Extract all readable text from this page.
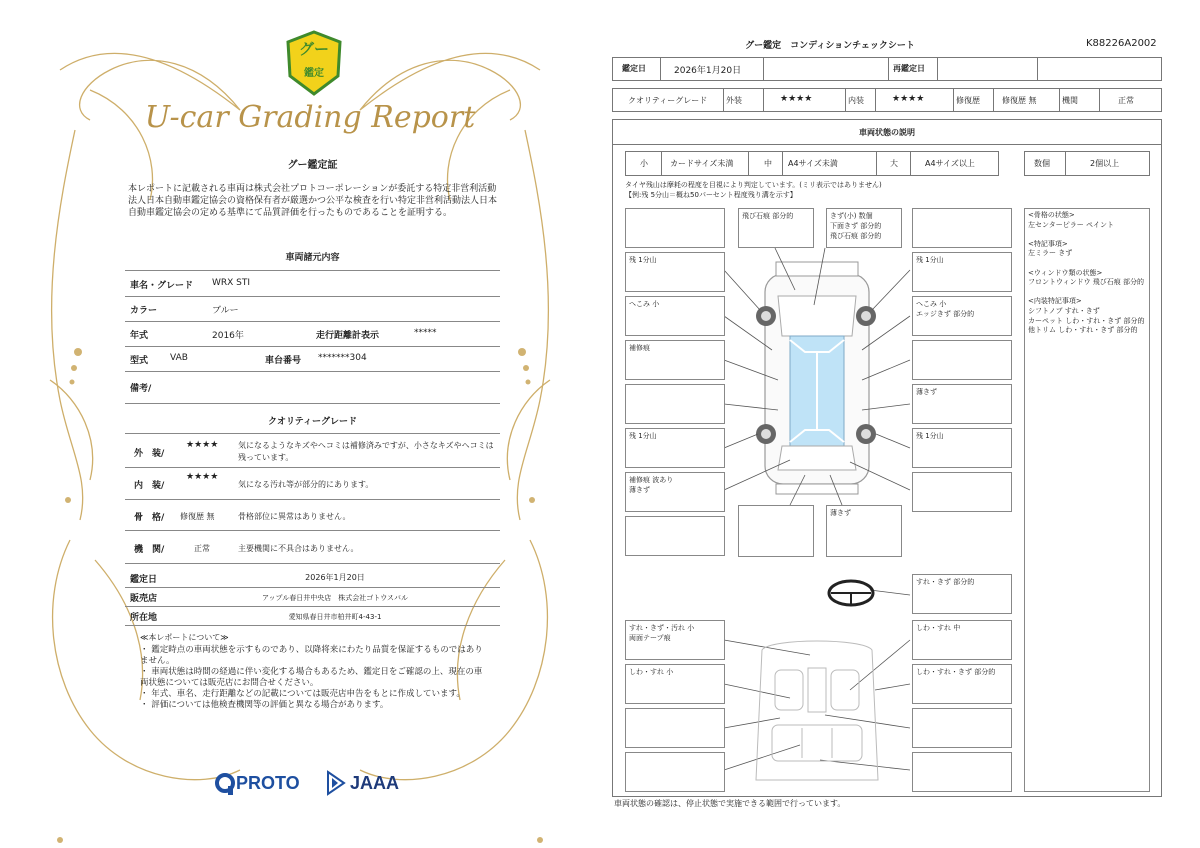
グー
鑑定
U-car Grading Report
グー鑑定証
本レポートに記載される車両は株式会社プロトコーポレーションが委託する特定非営利活動法人日本自動車鑑定協会の資格保有者が厳選かつ公平な検査を行い特定非営利活動法人日本自動車鑑定協会の定める基準にて品質評価を行ったものであることを証明する。
車両諸元内容
車名・グレード WRX STI
カラー	ブルー
年式	2016年	走行距離計表示	*****
型式 VAB	車台番号 *******304
備考/
クオリティーグレード
外　装/
★★★★ 気になるようなキズやヘコミは補修済みですが、小さなキズやヘコミは残っています。
内　装/
★★★★
気になる汚れ等が部分的にあります。
骨　格/ 修復歴 無	骨格部位に異常はありません。
機　関/	正常	主要機関に不具合はありません。
鑑定日	2026年1月20日
販売店	アップル春日井中央店　株式会社ゴトウスバル
所在地	愛知県春日井市柏井町4-43-1
≪本レポートについて≫
・ 鑑定時点の車両状態を示すものであり、以降将来にわたり品質を保証するものではありません。
・ 車両状態は時間の経過に伴い変化する場合もあるため、鑑定日をご確認の上、現在の車両状態については販売店にお問合せください。
・ 年式、車名、走行距離などの記載については販売店申告をもとに作成しています。
・ 評価については他検査機関等の評価と異なる場合があります。
PROTO	JAAA
グー鑑定　コンディションチェックシート	K88226A2002
鑑定日	2026年1月20日	再鑑定日
クオリティーグレード 外装	★★★★	内装	★★★★	修復歴	修復歴 無	機関	正常
車両状態の説明
小	カードサイズ未満	中 A4サイズ未満	大	A4サイズ以上	数個	2個以上
タイヤ残山は摩耗の程度を目視により判定しています。(ミリ表示ではありません)
【例:残 5分山＝概ね50パーセント程度残り溝を示す】
飛び石痕 部分的	きず(小) 数個
下面きず 部分的
飛び石痕 部分的
残 1分山	残 1分山
へこみ 小	へこみ 小
エッジきず 部分的
補修痕
薄きず
残 1分山	残 1分山
補修痕 波あり
薄きず
薄きず
すれ・きず 部分的
すれ・きず・汚れ 小
両面テープ痕
しわ・すれ 中
しわ・すれ 小	しわ・すれ・きず 部分的
<骨格の状態>
左センターピラー ペイント

<特記事項>
左ミラー きず

<ウィンドウ類の状態>
フロントウィンドウ 飛び石痕 部分的

<内装特記事項>
シフトノブ すれ・きず
カーペット しわ・すれ・きず 部分的
他トリム しわ・すれ・きず 部分的
車両状態の確認は、停止状態で実施できる範囲で行っています。
